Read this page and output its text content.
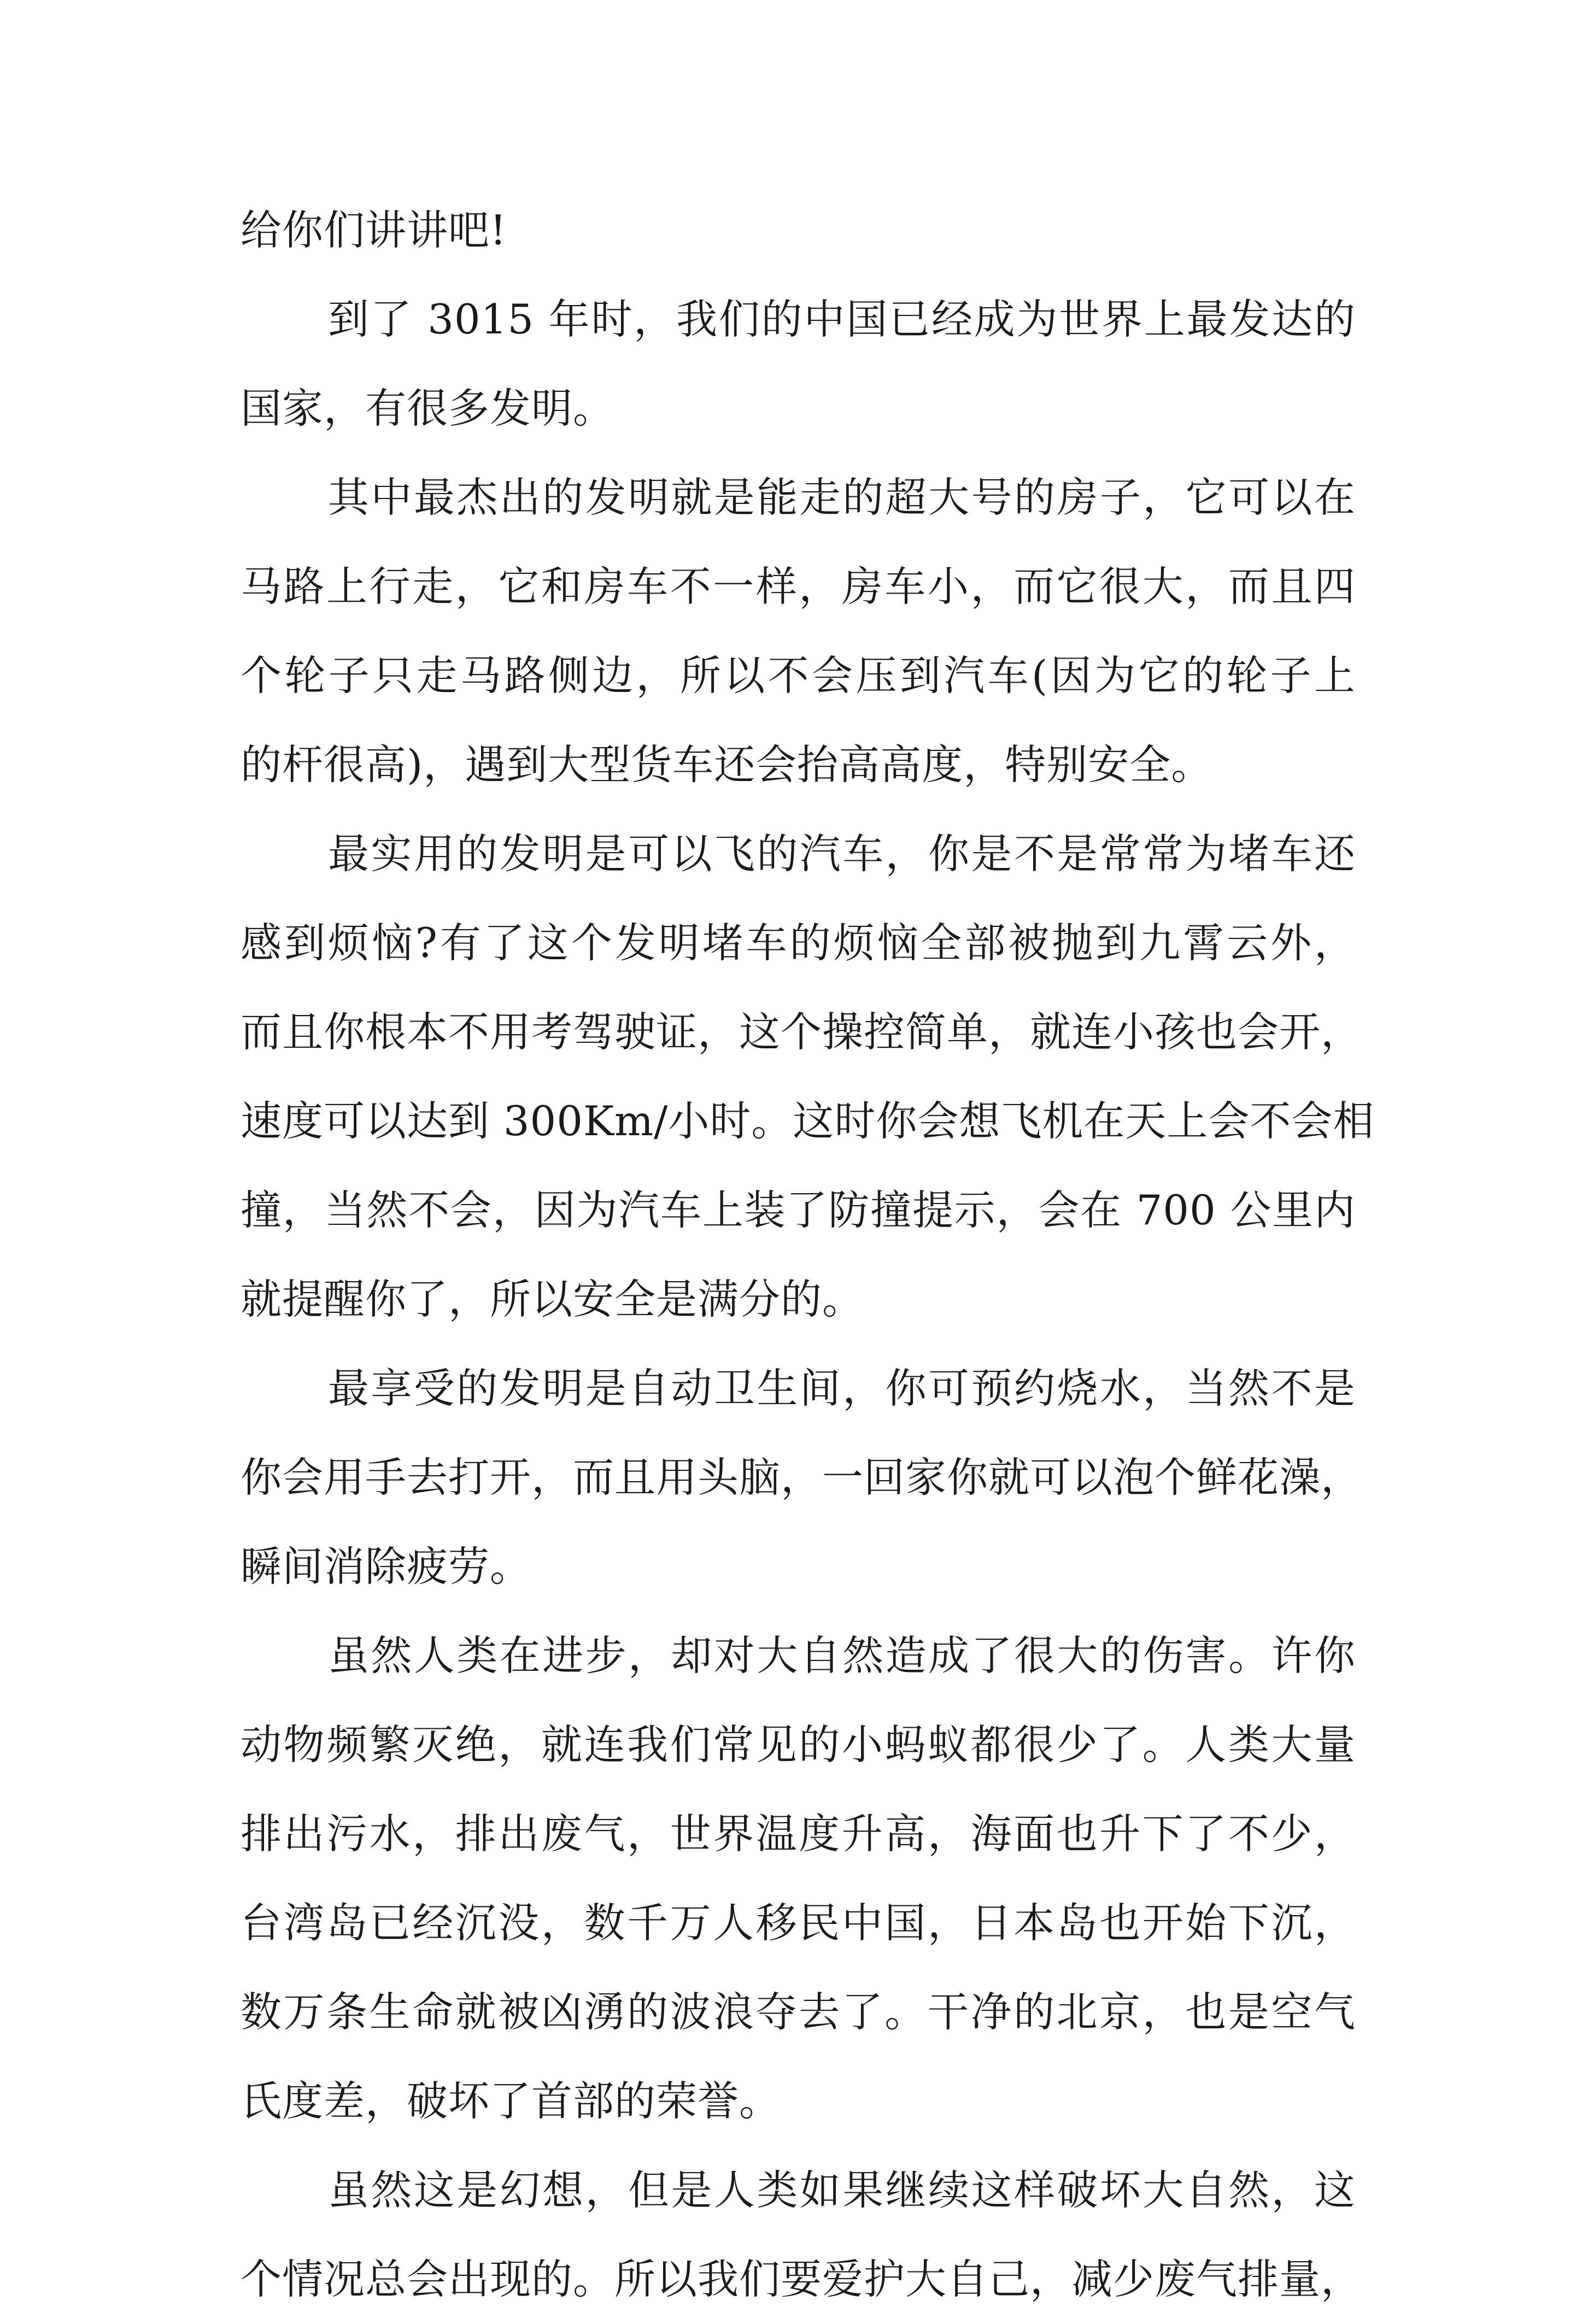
给你们讲讲吧!
到了 3015 年时，我们的中国已经成为世界上最发达的
国家，有很多发明。
其中最杰出的发明就是能走的超大号的房子，它可以在
马路上行走，它和房车不一样，房车小，而它很大，而且四
个轮子只走马路侧边，所以不会压到汽车(因为它的轮子上
的杆很高)，遇到大型货车还会抬高高度，特别安全。
最实用的发明是可以飞的汽车，你是不是常常为堵车还
感到烦恼?有了这个发明堵车的烦恼全部被抛到九霄云外，
而且你根本不用考驾驶证，这个操控简单，就连小孩也会开，
速度可以达到 300Km/小时。这时你会想飞机在天上会不会相
撞，当然不会，因为汽车上装了防撞提示，会在 700 公里内
就提醒你了，所以安全是满分的。
最享受的发明是自动卫生间，你可预约烧水，当然不是
你会用手去打开，而且用头脑，一回家你就可以泡个鲜花澡，
瞬间消除疲劳。
虽然人类在进步，却对大自然造成了很大的伤害。许你
动物频繁灭绝，就连我们常见的小蚂蚁都很少了。人类大量
排出污水，排出废气，世界温度升高，海面也升下了不少，
台湾岛已经沉没，数千万人移民中国，日本岛也开始下沉，
数万条生命就被凶湧的波浪夺去了。干净的北京，也是空气
氏度差，破坏了首部的荣誉。
虽然这是幻想，但是人类如果继续这样破坏大自然，这
个情况总会出现的。所以我们要爱护大自己，减少废气排量，
